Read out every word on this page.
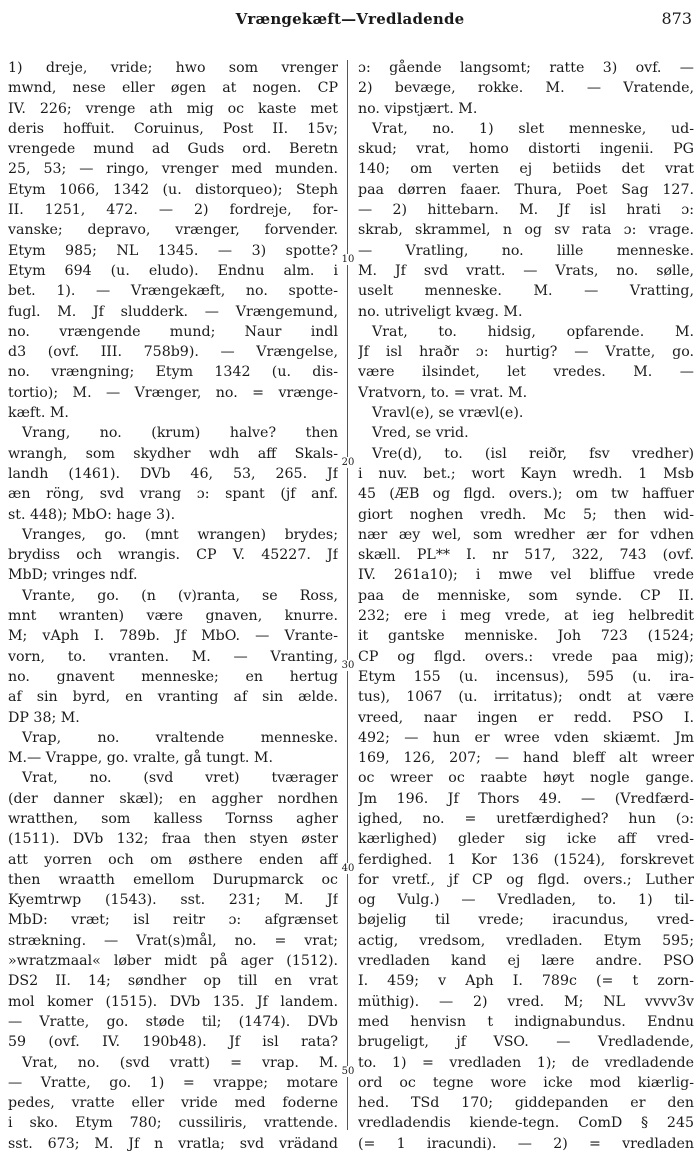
Vrængekæft—Vredladende	873
1) dreje, vride; hwo som vrenger
mwnd, nese eller øgen at nogen. CP
IV. 226; vrenge ath mig oc kaste met
deris hoffuit. Coruinus, Post II. 15v;
vrengede mund ad Guds ord. Beretn
25, 53; — ringo, vrenger med munden.
Etym 1066, 1342 (u. distorqueo); Steph
II. 1251, 472. — 2) fordreje, for-
vanske; depravo, vrænger, forvender.
Etym 985; NL 1345. — 3) spotte?
Etym 694 (u. eludo). Endnu alm. i
bet. 1). — Vrængekæft, no. spotte-
fugl. M. Jf sludderk. — Vrængemund,
no. vrængende mund; Naur indl
d3 (ovf. III. 758b9). — Vrængelse,
no. vrængning; Etym 1342 (u. dis-
tortio); M. — Vrænger, no. = vrænge-
kæft. M.
Vrang, no. (krum) halve? then
wrangh, som skydher wdh aff Skals-
landh (1461). DVb 46, 53, 265. Jf
æn röng, svd vrang ɔ: spant (jf anf.
st. 448); MbO: hage 3).
Vranges, go. (mnt wrangen) brydes;
brydiss och wrangis. CP V. 45227. Jf
MbD; vringes ndf.
Vrante, go. (n (v)ranta, se Ross,
mnt wranten) være gnaven, knurre.
M; vAph I. 789b. Jf MbO. — Vrante-
vorn, to. vranten. M. — Vranting,
no. gnavent menneske; en hertug
af sin byrd, en vranting af sin ælde.
DP 38; M.
Vrap, no. vraltende menneske.
M.— Vrappe, go. vralte, gå tungt. M.
Vrat, no. (svd vret) tværager
(der danner skæl); en aggher nordhen
wratthen, som kalless Tornss agher
(1511). DVb 132; fraa then styen øster
att yorren och om østhere enden aff
then wraatth emellom Durupmarck oc
Kyemtrwp (1543). sst. 231; M. Jf
MbD: vræt; isl reitr ɔ: afgrænset
strækning. — Vrat(s)mål, no. = vrat;
»wratzmaal« løber midt på ager (1512).
DS2 II. 14; søndher op till en vrat
mol komer (1515). DVb 135. Jf landem.
— Vratte, go. støde til; (1474). DVb
59 (ovf. IV. 190b48). Jf isl rata?
Vrat, no. (svd vratt) = vrap. M.
— Vratte, go. 1) = vrappe; motare
pedes, vratte eller vride med foderne
i sko. Etym 780; cussiliris, vrattende.
sst. 673; M. Jf n vratla; svd vrädand
ɔ: gående langsomt; ratte 3) ovf. —
2) bevæge, rokke. M. — Vratende,
no. vipstjært. M.
Vrat, no. 1) slet menneske, ud-
skud; vrat, homo distorti ingenii. PG
140; om verten ej betiids det vrat
paa dørren faaer. Thura, Poet Sag 127.
— 2) hittebarn. M. Jf isl hrati ɔ:
skrab, skrammel, n og sv rata ɔ: vrage.
— Vratling, no. lille menneske.
M. Jf svd vratt. — Vrats, no. sølle,
uselt menneske. M. — Vratting,
no. utriveligt kvæg. M.
Vrat, to. hidsig, opfarende. M.
Jf isl hraðr ɔ: hurtig? — Vratte, go.
være ilsindet, let vredes. M. —
Vratvorn, to. = vrat. M.
Vravl(e), se vrævl(e).
Vred, se vrid.
Vre(d), to. (isl reiðr, fsv vredher)
i nuv. bet.; wort Kayn wredh. 1 Msb
45 (ÆB og flgd. overs.); om tw haffuer
giort noghen vredh. Mc 5; then wid-
nær æy wel, som wredher ær for vdhen
skæll. PL** I. nr 517, 322, 743 (ovf.
IV. 261a10); i mwe vel bliffue vrede
paa de menniske, som synde. CP II.
232; ere i meg vrede, at ieg helbredit
it gantske menniske. Joh 723 (1524;
CP og flgd. overs.: vrede paa mig);
Etym 155 (u. incensus), 595 (u. ira-
tus), 1067 (u. irritatus); ondt at være
vreed, naar ingen er redd. PSO I.
492; — hun er wree vden skiæmt. Jm
169, 126, 207; — hand bleff alt wreer
oc wreer oc raabte høyt nogle gange.
Jm 196. Jf Thors 49. — (Vredfærd-
ighed, no. = uretfærdighed? hun (ɔ:
kærlighed) gleder sig icke aff vred-
ferdighed. 1 Kor 136 (1524), forskrevet
for vretf., jf CP og flgd. overs.; Luther
og Vulg.) — Vredladen, to. 1) til-
bøjelig til vrede; iracundus, vred-
actig, vredsom, vredladen. Etym 595;
vredladen kand ej lære andre. PSO
I. 459; v Aph I. 789c (= t zorn-
müthig). — 2) vred. M; NL vvvv3v
med henvisn t indignabundus. Endnu
brugeligt, jf VSO. — Vredladende,
to. 1) = vredladen 1); de vredladende
ord oc tegne wore icke mod kiærlig-
hed. TSd 170; giddepanden er den
vredladendis kiende-tegn. ComD § 245
(= 1 iracundi). — 2) = vredladen
10
20
30
40
50
